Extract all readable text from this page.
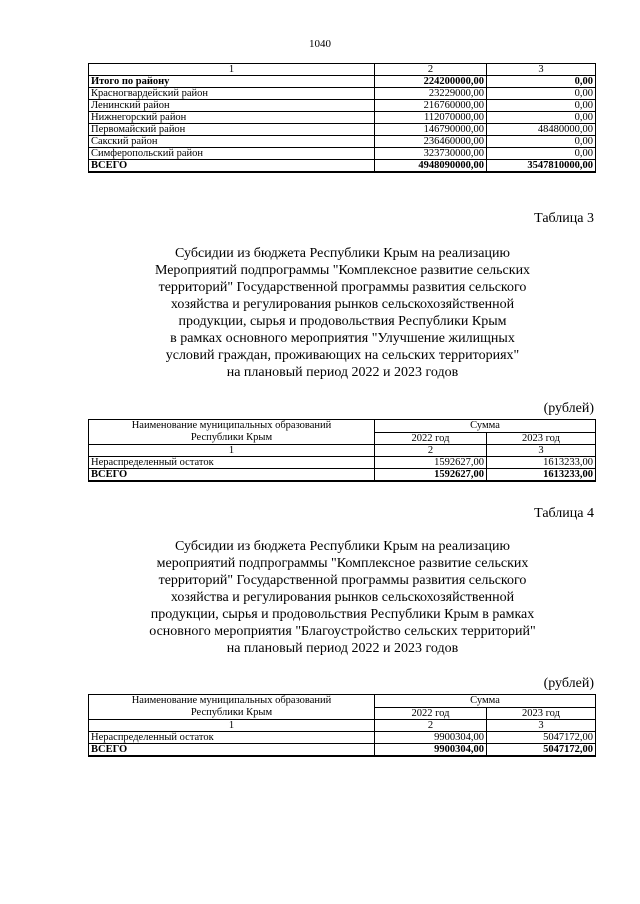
1040
1	2	3
Итого по району	224200000,00	0,00
Красногвардейский район	23229000,00	0,00
Ленинский район	216760000,00	0,00
Нижнегорский район	112070000,00	0,00
Первомайский район	146790000,00	48480000,00
Сакский район	236460000,00	0,00
Симферопольский район	323730000,00	0,00
ВСЕГО	4948090000,00	3547810000,00
Таблица 3
Субсидии из бюджета Республики Крым на реализацию
Мероприятий подпрограммы "Комплексное развитие сельских
территорий" Государственной программы развития сельского
хозяйства и регулирования рынков сельскохозяйственной
продукции, сырья и продовольствия Республики Крым
в рамках основного мероприятия "Улучшение жилищных
условий граждан, проживающих на сельских территориях"
на плановый период 2022 и 2023 годов
(рублей)
Наименование муниципальных образований
Республики Крым	Сумма	
	2022 год	2023 год
1	2	3
Нераспределенный остаток	1592627,00	1613233,00
ВСЕГО	1592627,00	1613233,00
Таблица 4
Субсидии из бюджета Республики Крым на реализацию
мероприятий подпрограммы "Комплексное развитие сельских
территорий" Государственной программы развития сельского
хозяйства и регулирования рынков сельскохозяйственной
продукции, сырья и продовольствия Республики Крым в рамках
основного мероприятия "Благоустройство сельских территорий"
на плановый период 2022 и 2023 годов
(рублей)
Наименование муниципальных образований
Республики Крым	Сумма	
	2022 год	2023 год
1	2	3
Нераспределенный остаток	9900304,00	5047172,00
ВСЕГО	9900304,00	5047172,00
